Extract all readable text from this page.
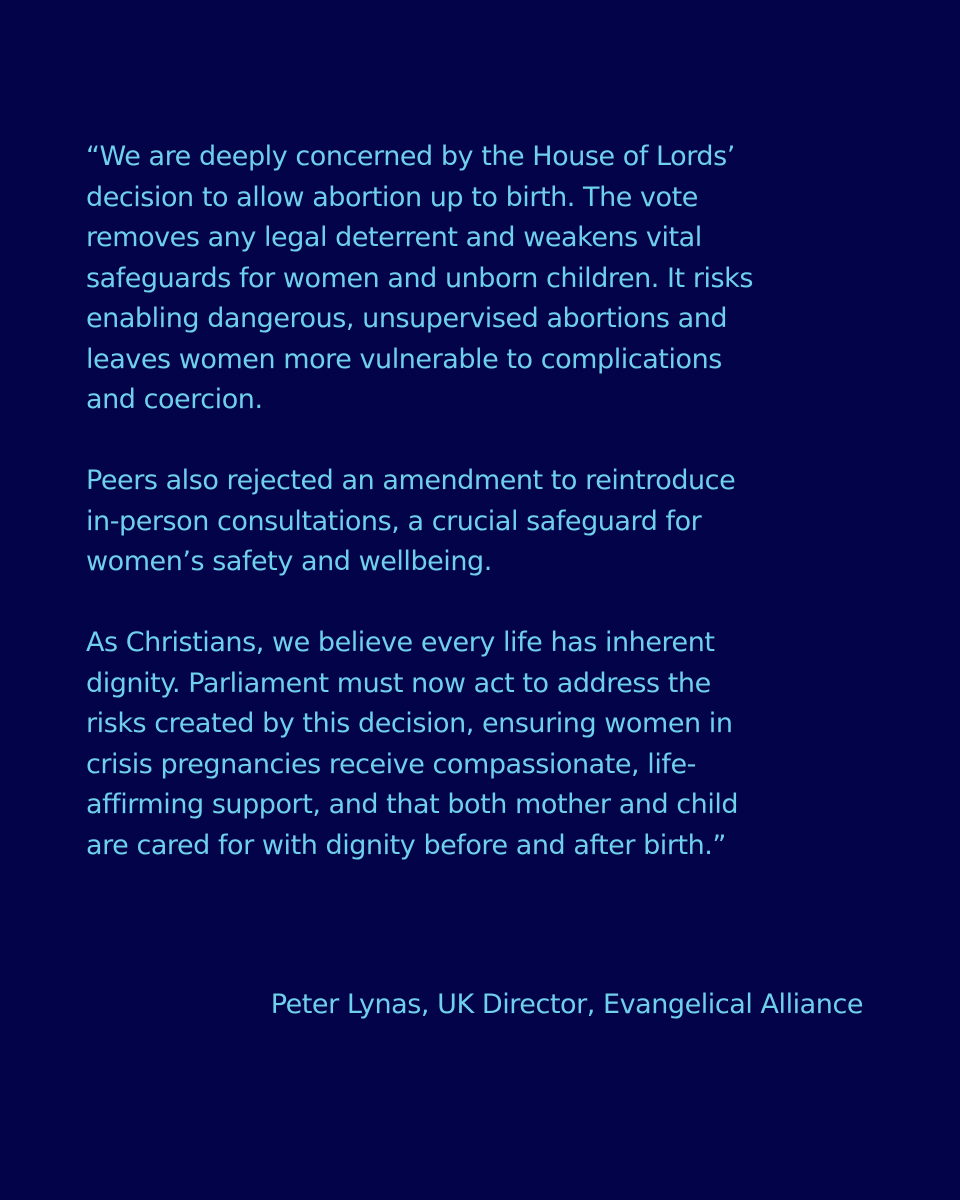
“We are deeply concerned by the House of Lords’
decision to allow abortion up to birth. The vote
removes any legal deterrent and weakens vital
safeguards for women and unborn children. It risks
enabling dangerous, unsupervised abortions and
leaves women more vulnerable to complications
and coercion.

Peers also rejected an amendment to reintroduce
in-person consultations, a crucial safeguard for
women’s safety and wellbeing.

As Christians, we believe every life has inherent
dignity. Parliament must now act to address the
risks created by this decision, ensuring women in
crisis pregnancies receive compassionate, life-
affirming support, and that both mother and child
are cared for with dignity before and after birth.”

Peter Lynas, UK Director, Evangelical Alliance
